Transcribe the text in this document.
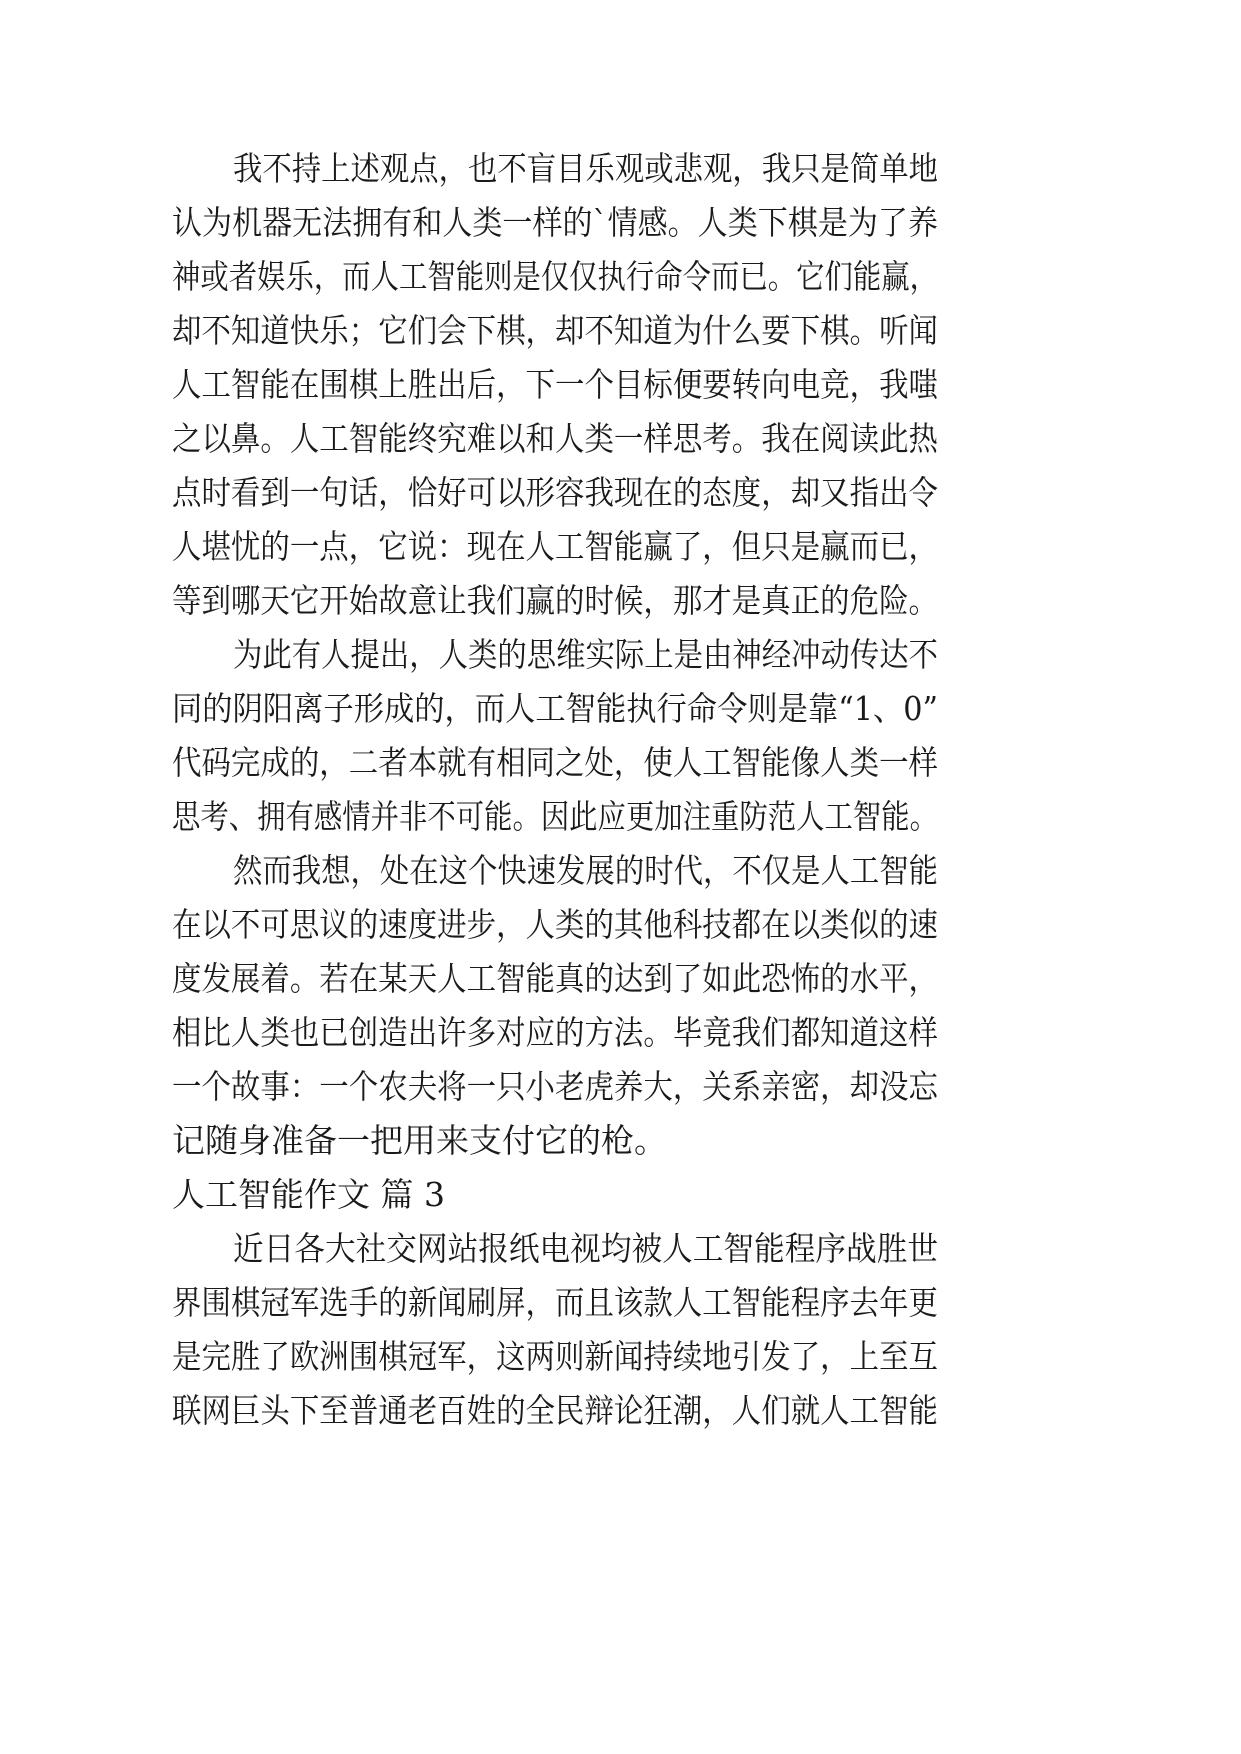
我不持上述观点，也不盲目乐观或悲观，我只是简单地
认为机器无法拥有和人类一样的`情感。人类下棋是为了养
神或者娱乐，而人工智能则是仅仅执行命令而已。它们能赢，
却不知道快乐；它们会下棋，却不知道为什么要下棋。听闻
人工智能在围棋上胜出后，下一个目标便要转向电竞，我嗤
之以鼻。人工智能终究难以和人类一样思考。我在阅读此热
点时看到一句话，恰好可以形容我现在的态度，却又指出令
人堪忧的一点，它说：现在人工智能赢了，但只是赢而已，
等到哪天它开始故意让我们赢的时候，那才是真正的危险。
为此有人提出，人类的思维实际上是由神经冲动传达不
同的阴阳离子形成的，而人工智能执行命令则是靠“1、0”
代码完成的，二者本就有相同之处，使人工智能像人类一样
思考、拥有感情并非不可能。因此应更加注重防范人工智能。
然而我想，处在这个快速发展的时代，不仅是人工智能
在以不可思议的速度进步，人类的其他科技都在以类似的速
度发展着。若在某天人工智能真的达到了如此恐怖的水平，
相比人类也已创造出许多对应的方法。毕竟我们都知道这样
一个故事：一个农夫将一只小老虎养大，关系亲密，却没忘
记随身准备一把用来支付它的枪。
人工智能作文 篇 3
近日各大社交网站报纸电视均被人工智能程序战胜世
界围棋冠军选手的新闻刷屏，而且该款人工智能程序去年更
是完胜了欧洲围棋冠军，这两则新闻持续地引发了，上至互
联网巨头下至普通老百姓的全民辩论狂潮，人们就人工智能
